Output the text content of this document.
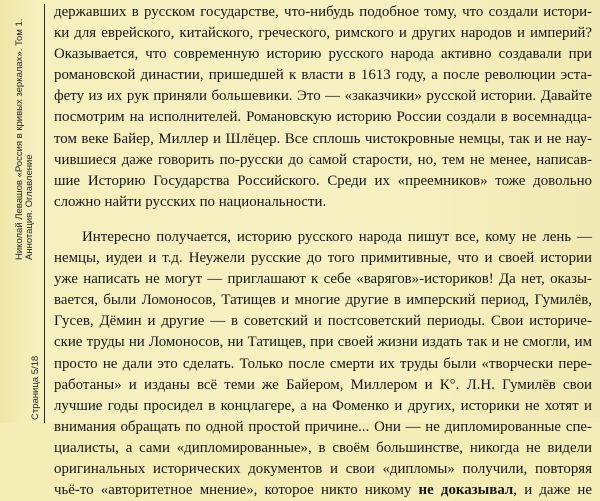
Страница 5/18
Николай Левашов «Россия в кривых зеркалах». Том 1. Аннотация. Оглавление

державших в русском государстве, что-нибудь подобное тому, что создали истори-
ки для еврейского, китайского, греческого, римского и других народов и империй?
Оказывается, что современную историю русского народа активно создавали при
романовской династии, пришедшей к власти в 1613 году, а после революции эста-
фету из их рук приняли большевики. Это — «заказчики» русской истории. Давайте
посмотрим на исполнителей. Романовскую историю России создали в восемнадца-
том веке Байер, Миллер и Шлёцер. Все сплошь чистокровные немцы, так и не нау-
чившиеся даже говорить по-русски до самой старости, но, тем не менее, написав-
шие Историю Государства Российского. Среди их «преемников» тоже довольно
сложно найти русских по национальности.

Интересно получается, историю русского народа пишут все, кому не лень —
немцы, иудеи и т.д. Неужели русские до того примитивные, что и своей истории
уже написать не могут — приглашают к себе «варягов»-историков! Да нет, оказы-
вается, были Ломоносов, Татищев и многие другие в имперский период, Гумилёв,
Гусев, Дёмин и другие — в советский и постсоветский периоды. Свои историче-
ские труды ни Ломоносов, ни Татищев, при своей жизни издать так и не смогли, им
просто не дали это сделать. Только после смерти их труды были «творчески пере-
работаны» и изданы всё теми же Байером, Миллером и К°. Л.Н. Гумилёв свои
лучшие годы просидел в концлагере, а на Фоменко и других, историки не хотят и
внимания обращать по одной простой причине... Они — не дипломированные спе-
циалисты, а сами «дипломированные», в своём большинстве, никогда не видели
оригинальных исторических документов и свои «дипломы» получили, повторяя
чьё-то «авторитетное мнение», которое никто никому не доказывал, и даже не
